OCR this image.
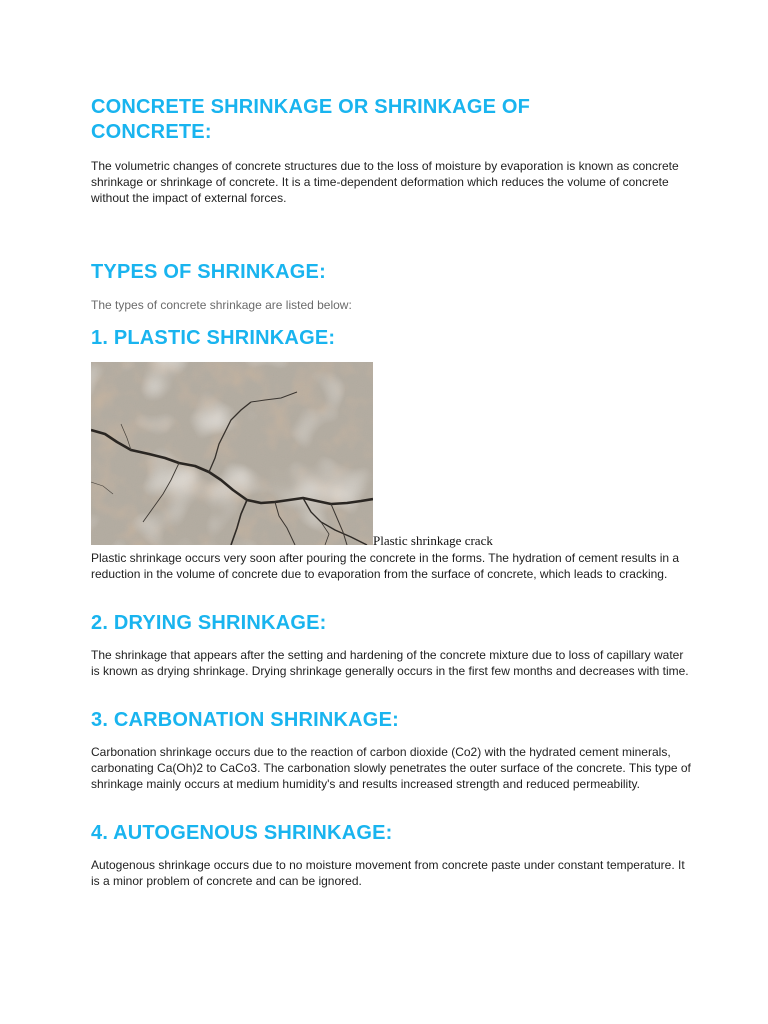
CONCRETE SHRINKAGE OR SHRINKAGE OF CONCRETE:

The volumetric changes of concrete structures due to the loss of moisture by evaporation is known as concrete shrinkage or shrinkage of concrete. It is a time-dependent deformation which reduces the volume of concrete without the impact of external forces.

TYPES OF SHRINKAGE:

The types of concrete shrinkage are listed below:

1. PLASTIC SHRINKAGE:
Plastic shrinkage crack

Plastic shrinkage occurs very soon after pouring the concrete in the forms. The hydration of cement results in a reduction in the volume of concrete due to evaporation from the surface of concrete, which leads to cracking.

2. DRYING SHRINKAGE:

The shrinkage that appears after the setting and hardening of the concrete mixture due to loss of capillary water is known as drying shrinkage. Drying shrinkage generally occurs in the first few months and decreases with time.

3. CARBONATION SHRINKAGE:

Carbonation shrinkage occurs due to the reaction of carbon dioxide (Co2) with the hydrated cement minerals, carbonating Ca(Oh)2 to CaCo3. The carbonation slowly penetrates the outer surface of the concrete. This type of shrinkage mainly occurs at medium humidity's and results increased strength and reduced permeability.

4. AUTOGENOUS SHRINKAGE:

Autogenous shrinkage occurs due to no moisture movement from concrete paste under constant temperature. It is a minor problem of concrete and can be ignored.
